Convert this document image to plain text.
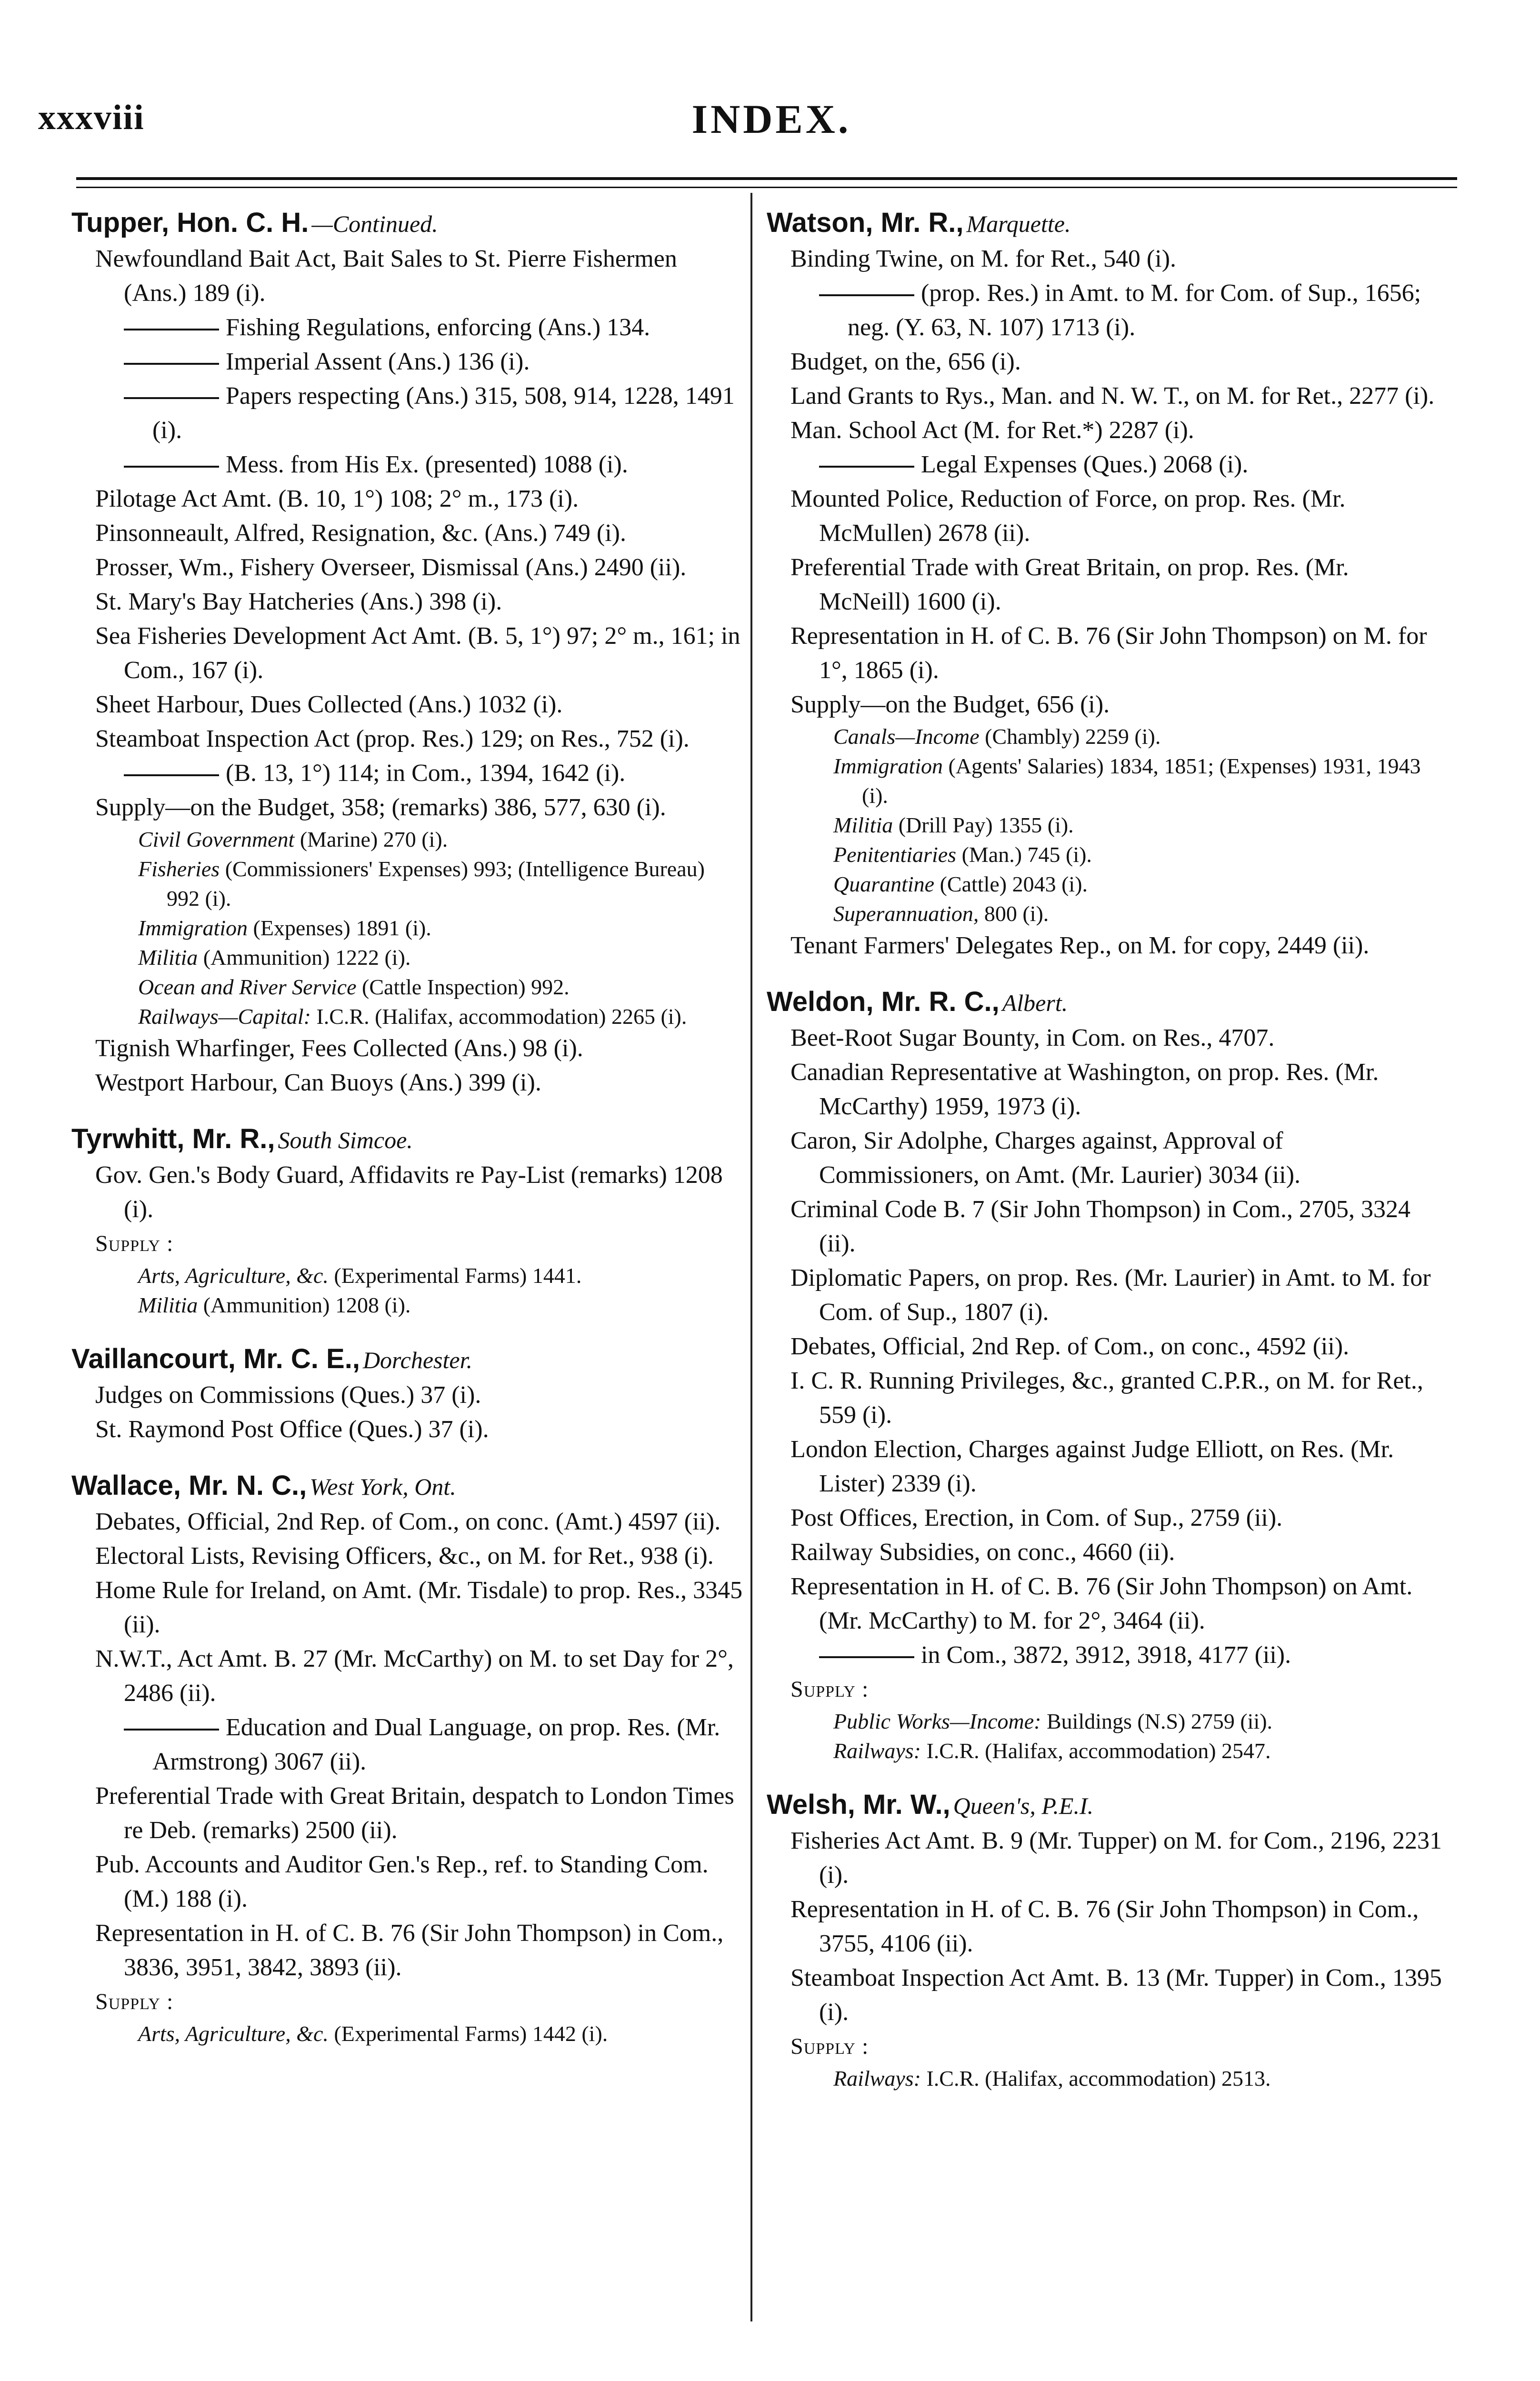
xxxviii	INDEX.
Tupper, Hon. C. H. —Continued.
Newfoundland Bait Act, Bait Sales to St. Pierre Fishermen (Ans.) 189 (i).
Fishing Regulations, enforcing (Ans.) 134.
Imperial Assent (Ans.) 136 (i).
Papers respecting (Ans.) 315, 508, 914, 1228, 1491 (i).
Mess. from His Ex. (presented) 1088 (i).
Pilotage Act Amt. (B. 10, 1°) 108; 2° m., 173 (i).
Pinsonneault, Alfred, Resignation, &c. (Ans.) 749 (i).
Prosser, Wm., Fishery Overseer, Dismissal (Ans.) 2490 (ii).
St. Mary's Bay Hatcheries (Ans.) 398 (i).
Sea Fisheries Development Act Amt. (B. 5, 1°) 97; 2° m., 161; in Com., 167 (i).
Sheet Harbour, Dues Collected (Ans.) 1032 (i).
Steamboat Inspection Act (prop. Res.) 129; on Res., 752 (i).
(B. 13, 1°) 114; in Com., 1394, 1642 (i).
Supply—on the Budget, 358; (remarks) 386, 577, 630 (i).
Civil Government (Marine) 270 (i).
Fisheries (Commissioners' Expenses) 993; (Intelligence Bureau) 992 (i).
Immigration (Expenses) 1891 (i).
Militia (Ammunition) 1222 (i).
Ocean and River Service (Cattle Inspection) 992.
Railways—Capital: I.C.R. (Halifax, accommodation) 2265 (i).
Tignish Wharfinger, Fees Collected (Ans.) 98 (i).
Westport Harbour, Can Buoys (Ans.) 399 (i).
Tyrwhitt, Mr. R., South Simcoe.
Gov. Gen.'s Body Guard, Affidavits re Pay-List (remarks) 1208 (i).
Supply :
Arts, Agriculture, &c. (Experimental Farms) 1441.
Militia (Ammunition) 1208 (i).
Vaillancourt, Mr. C. E., Dorchester.
Judges on Commissions (Ques.) 37 (i).
St. Raymond Post Office (Ques.) 37 (i).
Wallace, Mr. N. C., West York, Ont.
Debates, Official, 2nd Rep. of Com., on conc. (Amt.) 4597 (ii).
Electoral Lists, Revising Officers, &c., on M. for Ret., 938 (i).
Home Rule for Ireland, on Amt. (Mr. Tisdale) to prop. Res., 3345 (ii).
N.W.T., Act Amt. B. 27 (Mr. McCarthy) on M. to set Day for 2°, 2486 (ii).
Education and Dual Language, on prop. Res. (Mr. Armstrong) 3067 (ii).
Preferential Trade with Great Britain, despatch to London Times re Deb. (remarks) 2500 (ii).
Pub. Accounts and Auditor Gen.'s Rep., ref. to Standing Com. (M.) 188 (i).
Representation in H. of C. B. 76 (Sir John Thompson) in Com., 3836, 3951, 3842, 3893 (ii).
Supply :
Arts, Agriculture, &c. (Experimental Farms) 1442 (i).
Watson, Mr. R., Marquette.
Binding Twine, on M. for Ret., 540 (i).
(prop. Res.) in Amt. to M. for Com. of Sup., 1656; neg. (Y. 63, N. 107) 1713 (i).
Budget, on the, 656 (i).
Land Grants to Rys., Man. and N. W. T., on M. for Ret., 2277 (i).
Man. School Act (M. for Ret.*) 2287 (i).
Legal Expenses (Ques.) 2068 (i).
Mounted Police, Reduction of Force, on prop. Res. (Mr. McMullen) 2678 (ii).
Preferential Trade with Great Britain, on prop. Res. (Mr. McNeill) 1600 (i).
Representation in H. of C. B. 76 (Sir John Thompson) on M. for 1°, 1865 (i).
Supply—on the Budget, 656 (i).
Canals—Income (Chambly) 2259 (i).
Immigration (Agents' Salaries) 1834, 1851; (Expenses) 1931, 1943 (i).
Militia (Drill Pay) 1355 (i).
Penitentiaries (Man.) 745 (i).
Quarantine (Cattle) 2043 (i).
Superannuation, 800 (i).
Tenant Farmers' Delegates Rep., on M. for copy, 2449 (ii).
Weldon, Mr. R. C., Albert.
Beet-Root Sugar Bounty, in Com. on Res., 4707.
Canadian Representative at Washington, on prop. Res. (Mr. McCarthy) 1959, 1973 (i).
Caron, Sir Adolphe, Charges against, Approval of Commissioners, on Amt. (Mr. Laurier) 3034 (ii).
Criminal Code B. 7 (Sir John Thompson) in Com., 2705, 3324 (ii).
Diplomatic Papers, on prop. Res. (Mr. Laurier) in Amt. to M. for Com. of Sup., 1807 (i).
Debates, Official, 2nd Rep. of Com., on conc., 4592 (ii).
I. C. R. Running Privileges, &c., granted C.P.R., on M. for Ret., 559 (i).
London Election, Charges against Judge Elliott, on Res. (Mr. Lister) 2339 (i).
Post Offices, Erection, in Com. of Sup., 2759 (ii).
Railway Subsidies, on conc., 4660 (ii).
Representation in H. of C. B. 76 (Sir John Thompson) on Amt. (Mr. McCarthy) to M. for 2°, 3464 (ii).
in Com., 3872, 3912, 3918, 4177 (ii).
Supply :
Public Works—Income: Buildings (N.S) 2759 (ii).
Railways: I.C.R. (Halifax, accommodation) 2547.
Welsh, Mr. W., Queen's, P.E.I.
Fisheries Act Amt. B. 9 (Mr. Tupper) on M. for Com., 2196, 2231 (i).
Representation in H. of C. B. 76 (Sir John Thompson) in Com., 3755, 4106 (ii).
Steamboat Inspection Act Amt. B. 13 (Mr. Tupper) in Com., 1395 (i).
Supply :
Railways: I.C.R. (Halifax, accommodation) 2513.
